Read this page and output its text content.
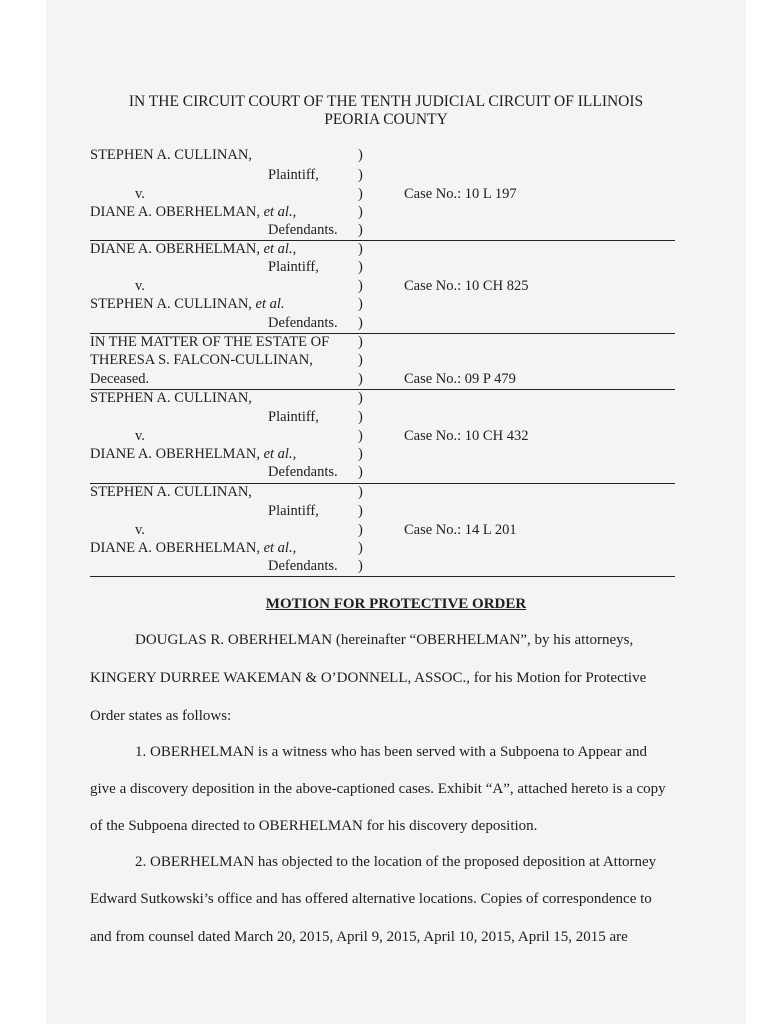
IN THE CIRCUIT COURT OF THE TENTH JUDICIAL CIRCUIT OF ILLINOIS
PEORIA COUNTY
STEPHEN A. CULLINAN,
Plaintiff,
v.
DIANE A. OBERHELMAN, et al.,
Defendants.
Case No.: 10 L 197
DIANE A. OBERHELMAN, et al.,
Plaintiff,
v.
STEPHEN A. CULLINAN, et al.
Defendants.
Case No.: 10 CH 825
IN THE MATTER OF THE ESTATE OF
THERESA S. FALCON-CULLINAN,
Deceased.	Case No.: 09 P 479
STEPHEN A. CULLINAN,
Plaintiff,
v.
DIANE A. OBERHELMAN, et al.,
Defendants.
Case No.: 10 CH 432
STEPHEN A. CULLINAN,
Plaintiff,
v.
DIANE A. OBERHELMAN, et al.,
Defendants.
Case No.: 14 L 201
)
)
)
)
)
)
)
)
)
)
)
)
)
)
)
)
)
)
)
)
)
)
)
MOTION FOR PROTECTIVE ORDER
DOUGLAS R. OBERHELMAN (hereinafter “OBERHELMAN”, by his attorneys,
KINGERY DURREE WAKEMAN & O’DONNELL, ASSOC., for his Motion for Protective
Order states as follows:
1. OBERHELMAN is a witness who has been served with a Subpoena to Appear and
give a discovery deposition in the above-captioned cases. Exhibit “A”, attached hereto is a copy
of the Subpoena directed to OBERHELMAN for his discovery deposition.
2. OBERHELMAN has objected to the location of the proposed deposition at Attorney
Edward Sutkowski’s office and has offered alternative locations. Copies of correspondence to
and from counsel dated March 20, 2015, April 9, 2015, April 10, 2015, April 15, 2015 are
